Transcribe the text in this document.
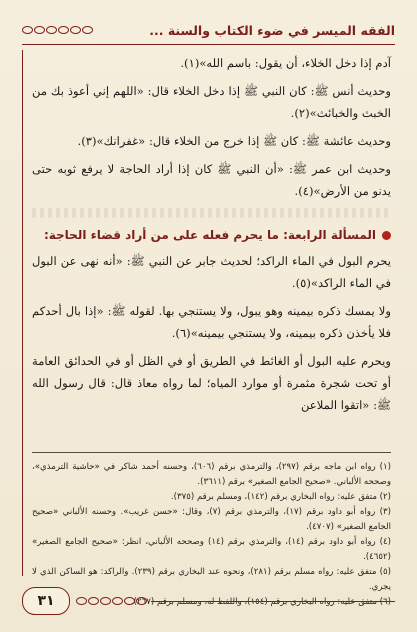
الفقه الميسر في ضوء الكتاب والسنة ...

آدم إذا دخل الخلاء، أن يقول: باسم الله»(١).

وحديث أنس ﷺ: كان النبي ﷺ إذا دخل الخلاء قال: «اللهم إني أعوذ بك من الخبث والخبائث»(٢).

وحديث عائشة ﷺ: كان ﷺ إذا خرج من الخلاء قال: «غفرانك»(٣).

وحديث ابن عمر ﷺ: «أن النبي ﷺ كان إذا أراد الحاجة لا يرفع ثوبه حتى يدنو من الأرض»(٤).

المسألة الرابعة: ما يحرم فعله على من أراد قضاء الحاجة:

يحرم البول في الماء الراكد؛ لحديث جابر عن النبي ﷺ: «أنه نهى عن البول في الماء الراكد»(٥).

ولا يمسك ذكره بيمينه وهو يبول، ولا يستنجي بها. لقوله ﷺ: «إذا بال أحدكم فلا يأخذن ذكره بيمينه، ولا يستنجي بيمينه»(٦).

ويحرم عليه البول أو الغائط في الطريق أو في الظل أو في الحدائق العامة أو تحت شجرة مثمرة أو موارد المياه؛ لما رواه معاذ قال: قال رسول الله ﷺ: «اتقوا الملاعن

(١) رواه ابن ماجه برقم (٢٩٧)، والترمذي برقم (٦٠٦)، وحسنه أحمد شاكر في «حاشية الترمذي»، وصححه الألباني. «صحيح الجامع الصغير» برقم (٣٦١١).

(٢) متفق عليه: رواه البخاري برقم (١٤٢)، ومسلم برقم (٣٧٥).

(٣) رواه أبو داود برقم (١٧)، والترمذي برقم (٧)، وقال: «حسن غريب». وحسنه الألباني «صحيح الجامع الصغير» (٤٧٠٧).

(٤) رواه أبو داود برقم (١٤)، والترمذي برقم (١٤) وصححه الألباني، انظر: «صحيح الجامع الصغير» (٤٦٥٢).

(٥) متفق عليه: رواه مسلم برقم (٢٨١)، ونحوه عند البخاري برقم (٢٣٩). والراكد: هو الساكن الذي لا يجري.

(٦) متفق عليه: رواه البخاري برقم (١٥٤)، واللفظ له، ومسلم برقم (٢٦٧).

٣١
